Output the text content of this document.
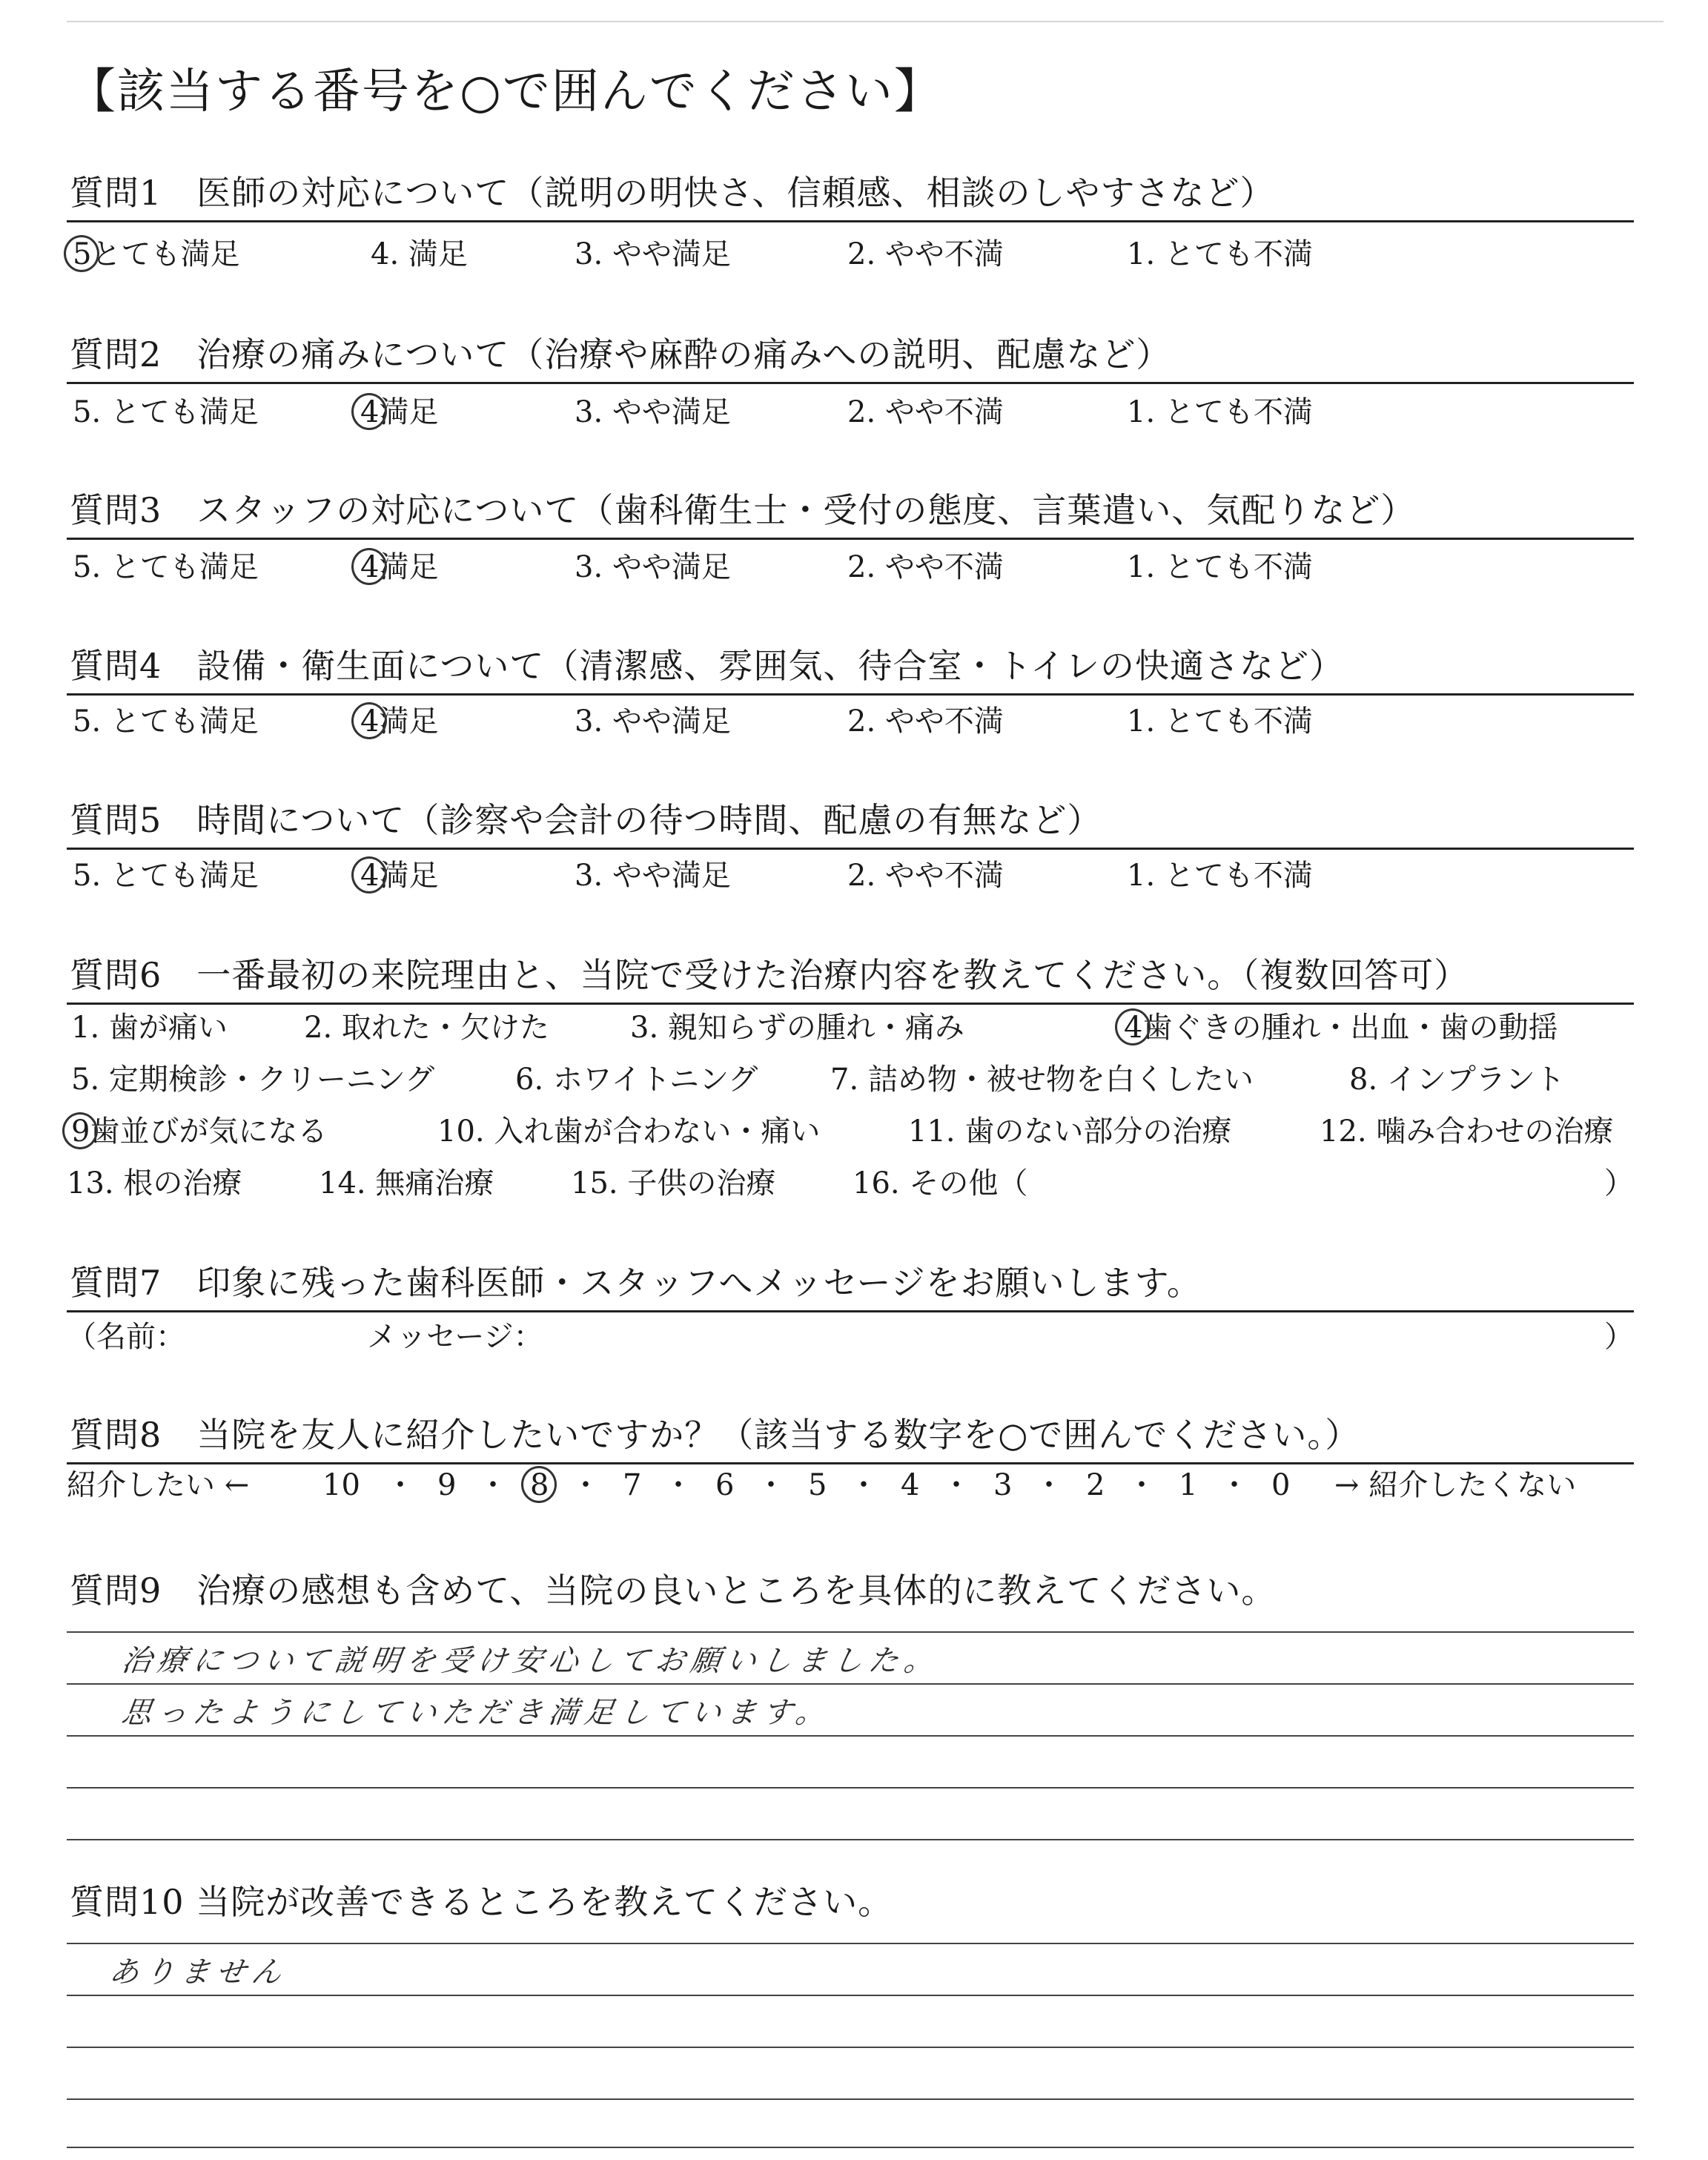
【該当する番号を○で囲んでください】
質問1　医師の対応について（説明の明快さ、信頼感、相談のしやすさなど）
5とても満足	4. 満足	3. やや満足	2. やや不満	1. とても不満
質問2　治療の痛みについて（治療や麻酔の痛みへの説明、配慮など）
5. とても満足	4満足	3. やや満足	2. やや不満	1. とても不満
質問3　スタッフの対応について（歯科衛生士・受付の態度、言葉遣い、気配りなど）
5. とても満足	4満足	3. やや満足	2. やや不満	1. とても不満
質問4　設備・衛生面について（清潔感、雰囲気、待合室・トイレの快適さなど）
5. とても満足	4満足	3. やや満足	2. やや不満	1. とても不満
質問5　時間について（診察や会計の待つ時間、配慮の有無など）
5. とても満足	4満足	3. やや満足	2. やや不満	1. とても不満
質問6　一番最初の来院理由と、当院で受けた治療内容を教えてください。（複数回答可）
1. 歯が痛い	2. 取れた・欠けた	3. 親知らずの腫れ・痛み	4歯ぐきの腫れ・出血・歯の動揺
5. 定期検診・クリーニング	6. ホワイトニング 7. 詰め物・被せ物を白くしたい	8. インプラント
9歯並びが気になる	10. 入れ歯が合わない・痛い	11. 歯のない部分の治療	12. 噛み合わせの治療
13. 根の治療	14. 無痛治療	15. 子供の治療	16. その他（	）
質問7　印象に残った歯科医師・スタッフへメッセージをお願いします。
（名前：	メッセージ：	）
質問8　当院を友人に紹介したいですか？（該当する数字を○で囲んでください。）
紹介したい ← 10 ・ 9 ・ 8 ・ 7 ・ 6 ・ 5 ・ 4 ・ 3 ・ 2 ・ 1 ・ 0 → 紹介したくない
質問9　治療の感想も含めて、当院の良いところを具体的に教えてください。
治療について説明を受け安心してお願いしました。
思ったようにしていただき満足しています。
質問10 当院が改善できるところを教えてください。
ありません
